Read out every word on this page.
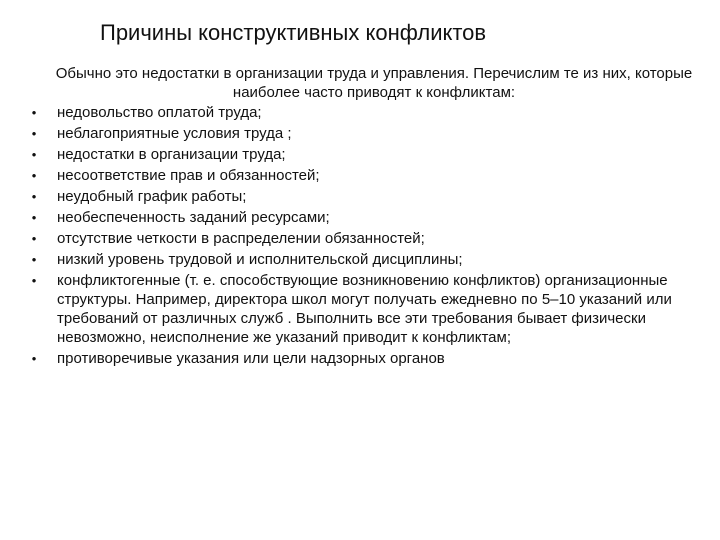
Причины конструктивных конфликтов
Обычно это недостатки в организации труда и управления. Перечислим те из них, которые наиболее часто приводят к конфликтам:
• недовольство оплатой труда;
• неблагоприятные условия труда ;
• недостатки в организации труда;
• несоответствие прав и обязанностей;
• неудобный график работы;
• необеспеченность заданий ресурсами;
• отсутствие четкости в распределении обязанностей;
• низкий уровень трудовой и исполнительской дисциплины;
• конфликтогенные (т. е. способствующие возникновению конфликтов) организационные структуры. Например, директора школ могут получать ежедневно по 5–10 указаний или требований от различных служб . Выполнить все эти требования бывает физически невозможно, неисполнение же указаний приводит к конфликтам;
• противоречивые указания или цели надзорных органов
